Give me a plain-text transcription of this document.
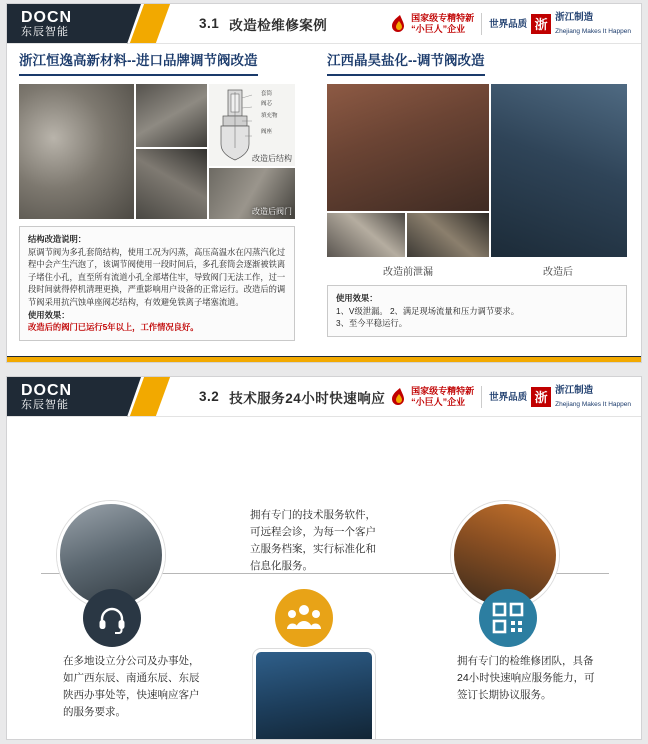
DOCN
东辰智能
3.1 改造检维修案例	国家级专精特新
“小巨人”企业	世界品质 浙 浙江制造
Zhejiang Makes It Happen
浙江恒逸高新材料--进口品牌调节阀改造
套筒
阀芯
填充物
阀座
改造后结构
改造后阀门
结构改造说明：
原调节阀为多孔套筒结构，使用工况为闪蒸，高压高温水在闪蒸汽化过程中会产生汽泡了，该调节阀使用一段时间后，多孔套筒会逐渐被铁离子堵住小孔，直至所有流道小孔全部堵住牢，导致阀门无法工作，过一段时间就得停机清理更换，严重影响用户设备的正常运行。改造后的调节阀采用抗汽蚀单座阀芯结构，有效避免铁离子堵塞流道。
使用效果：
改造后的阀门已运行5年以上，工作情况良好。
江西晶昊盐化--调节阀改造
改造前泄漏	改造后
使用效果：
1、V级泄漏。 2、满足现场流量和压力调节要求。
3、至今平稳运行。
DOCN
东辰智能
3.2 技术服务24小时快速响应	国家级专精特新
“小巨人”企业	世界品质 浙 浙江制造
Zhejiang Makes It Happen
拥有专门的技术服务软件，可远程会诊，为每一个客户立服务档案，实行标准化和信息化服务。
在多地设立分公司及办事处，如广西东辰、南通东辰、东辰陕西办事处等，快速响应客户的服务要求。
拥有专门的检维修团队，具备24小时快速响应服务能力，可签订长期协议服务。
